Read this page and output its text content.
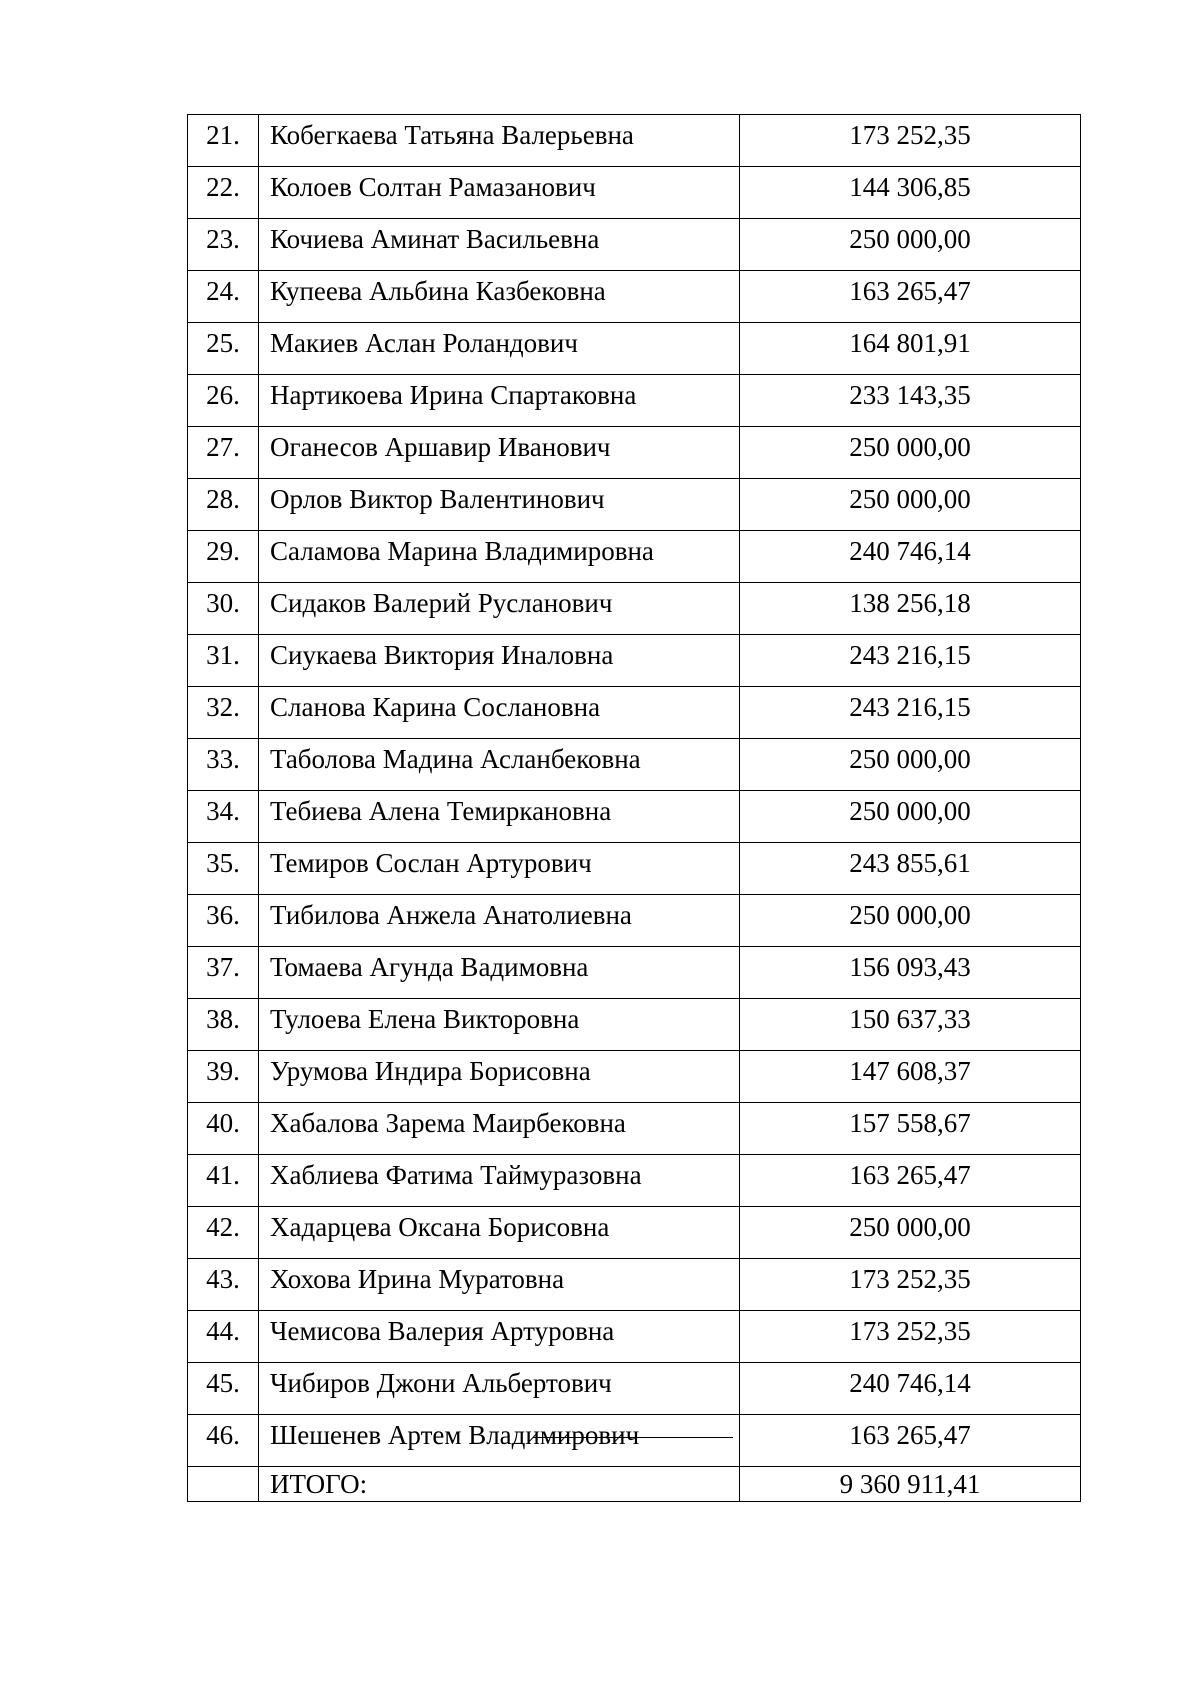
21.	Кобегкаева Татьяна Валерьевна	173 252,35
22.	Колоев Солтан Рамазанович	144 306,85
23.	Кочиева Аминат Васильевна	250 000,00
24.	Купеева Альбина Казбековна	163 265,47
25.	Макиев Аслан Роландович	164 801,91
26.	Нартикоева Ирина Спартаковна	233 143,35
27.	Оганесов Аршавир Иванович	250 000,00
28.	Орлов Виктор Валентинович	250 000,00
29.	Саламова Марина Владимировна	240 746,14
30.	Сидаков Валерий Русланович	138 256,18
31.	Сиукаева Виктория Иналовна	243 216,15
32.	Сланова Карина Сослановна	243 216,15
33.	Таболова Мадина Асланбековна	250 000,00
34.	Тебиева Алена Темиркановна	250 000,00
35.	Темиров Сослан Артурович	243 855,61
36.	Тибилова Анжела Анатолиевна	250 000,00
37.	Томаева Агунда Вадимовна	156 093,43
38.	Тулоева Елена Викторовна	150 637,33
39.	Урумова Индира Борисовна	147 608,37
40.	Хабалова Зарема Маирбековна	157 558,67
41.	Хаблиева Фатима Таймуразовна	163 265,47
42.	Хадарцева Оксана Борисовна	250 000,00
43.	Хохова Ирина Муратовна	173 252,35
44.	Чемисова Валерия Артуровна	173 252,35
45.	Чибиров Джони Альбертович	240 746,14
46.	Шешенев Артем Владимирович	163 265,47
	ИТОГО:	9 360 911,41
